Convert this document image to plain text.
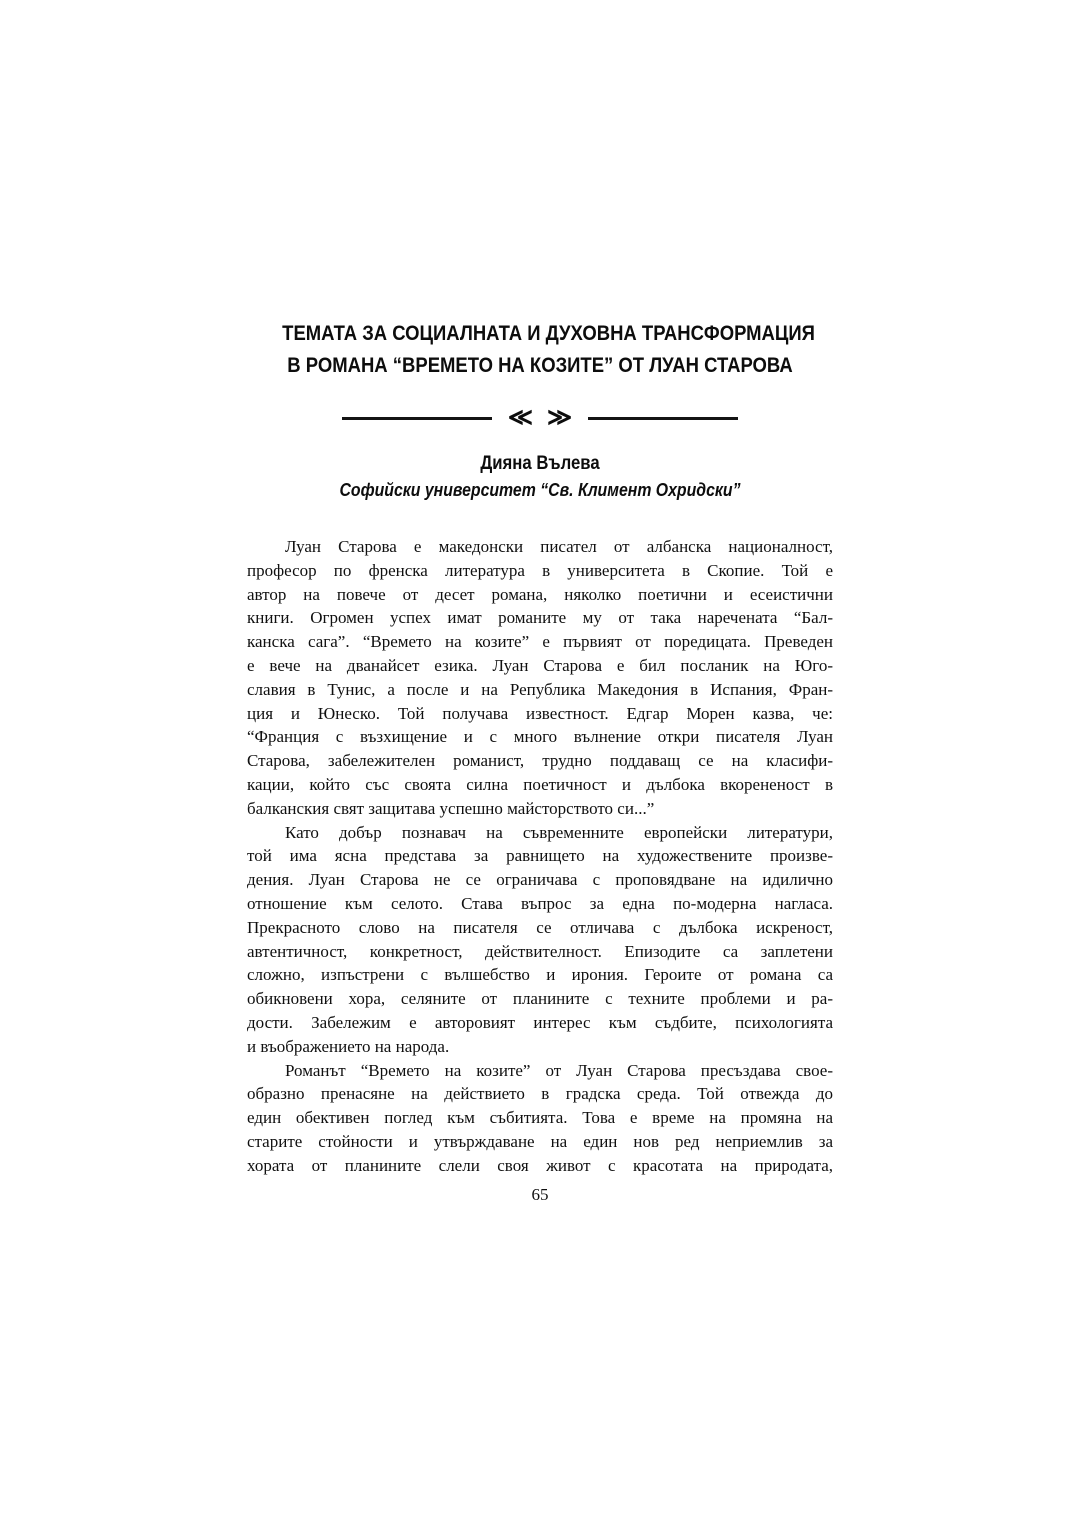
ТЕМАТА ЗА СОЦИАЛНАТА И ДУХОВНА ТРАНСФОРМАЦИЯ
В РОМАНА “ВРЕМЕТО НА КОЗИТЕ” ОТ ЛУАН СТАРОВА
≪ ≫
Дияна Вълева
Софийски университет “Св. Климент Охридски”
Луан Старова е македонски писател от албанска националност,
професор по френска литература в университета в Скопие. Той е
автор на повече от десет романа, няколко поетични и есеистични
книги. Огромен успех имат романите му от така наречената “Бал-
канска сага”. “Времето на козите” е първият от поредицата. Преведен
е вече на дванайсет езика. Луан Старова е бил посланик на Юго-
славия в Тунис, а после и на Република Македония в Испания, Фран-
ция и Юнеско. Той получава известност. Едгар Морен казва, че:
“Франция с възхищение и с много вълнение откри писателя Луан
Старова, забележителен романист, трудно поддаващ се на класифи-
кации, който със своята силна поетичност и дълбока вкорененост в
балканския свят защитава успешно майсторството си...”
Като добър познавач на съвременните европейски литератури,
той има ясна представа за равнището на художествените произве-
дения. Луан Старова не се ограничава с проповядване на идилично
отношение към селото. Става въпрос за една по-модерна нагласа.
Прекрасното слово на писателя се отличава с дълбока искреност,
автентичност, конкретност, действителност. Епизодите са заплетени
сложно, изпъстрени с вълшебство и ирония. Героите от романа са
обикновени хора, селяните от планините с техните проблеми и ра-
дости. Забележим е авторовият интерес към съдбите, психологията
и въображението на народа.
Романът “Времето на козите” от Луан Старова пресъздава свое-
образно пренасяне на действието в градска среда. Той отвежда до
един обективен поглед към събитията. Това е време на промяна на
старите стойности и утвърждаване на един нов ред неприемлив за
хората от планините слели своя живот с красотата на природата,
65
